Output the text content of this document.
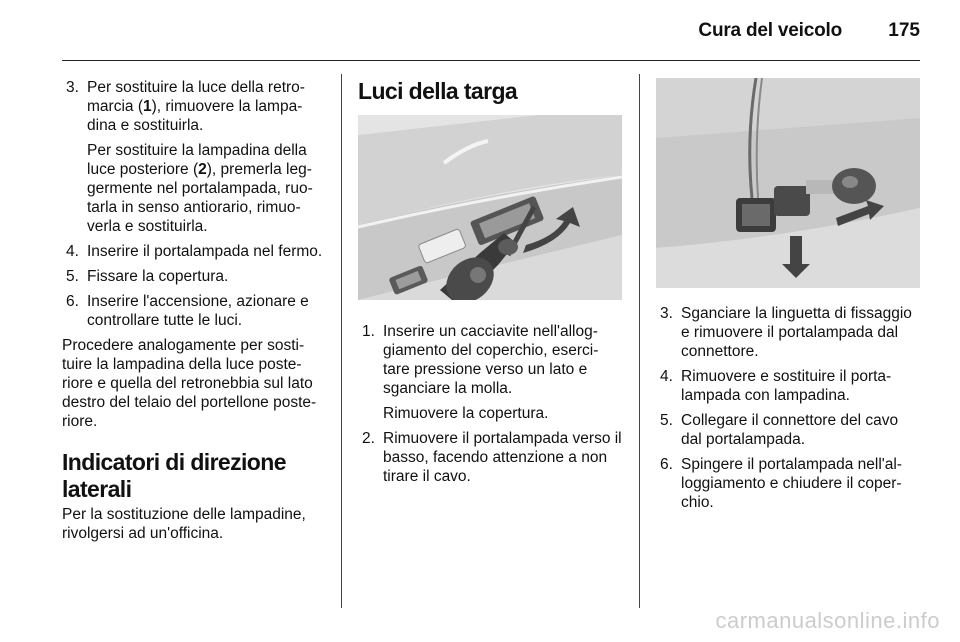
Cura del veicolo 175
3. Per sostituire la luce della retro-marcia (1), rimuovere la lampa-dina e sostituirla.
Per sostituire la lampadina della luce posteriore (2), premerla leg-germente nel portalampada, ruo-tarla in senso antiorario, rimuo-verla e sostituirla.
4. Inserire il portalampada nel fermo.
5. Fissare la copertura.
6. Inserire l'accensione, azionare e controllare tutte le luci.

Procedere analogamente per sosti-tuire la lampadina della luce poste-riore e quella del retronebbia sul lato destro del telaio del portellone poste-riore.

Indicatori di direzione laterali

Per la sostituzione delle lampadine, rivolgersi ad un'officina.

Luci della targa
1. Inserire un cacciavite nell'allog-giamento del coperchio, eserci-tare pressione verso un lato e sganciare la molla.
Rimuovere la copertura.
2. Rimuovere il portalampada verso il basso, facendo attenzione a non tirare il cavo.
3. Sganciare la linguetta di fissaggio e rimuovere il portalampada dal connettore.
4. Rimuovere e sostituire il porta-lampada con lampadina.
5. Collegare il connettore del cavo dal portalampada.
6. Spingere il portalampada nell'al-loggiamento e chiudere il coper-chio.
carmanualsonline.info
